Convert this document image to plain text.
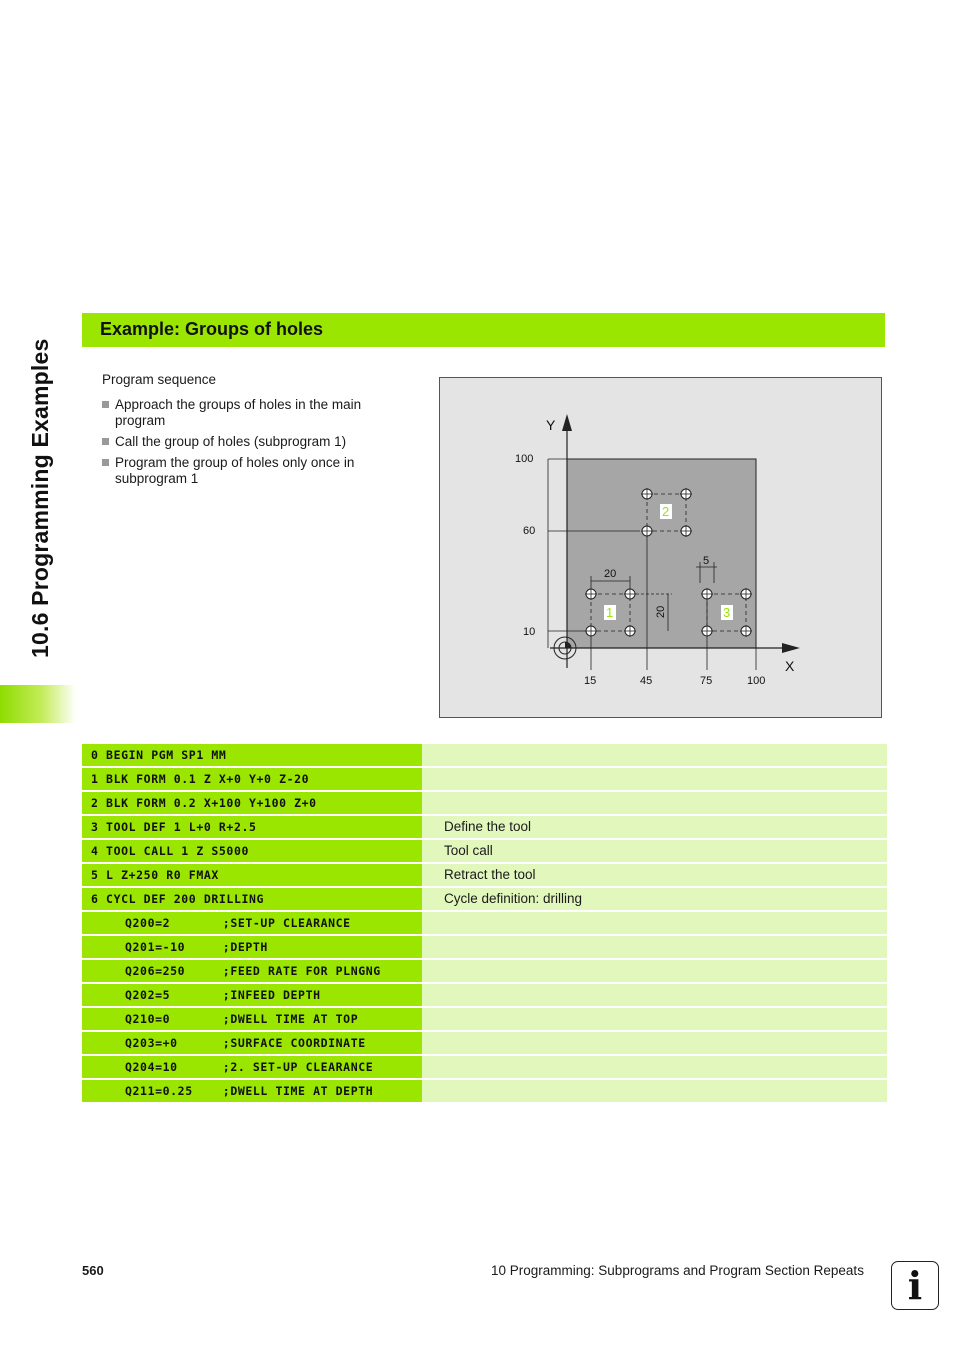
10.6 Programming Examples
Example: Groups of holes

Program sequence

Approach the groups of holes in the main program
Call the group of holes (subprogram 1)
Program the group of holes only once in subprogram 1
X
Y
100
60
10
15	45	75	100
20
20
5
1
2
3
0 BEGIN PGM SP1 MM
1 BLK FORM 0.1 Z X+0 Y+0 Z-20
2 BLK FORM 0.2 X+100 Y+100 Z+0
3 TOOL DEF 1 L+0 R+2.5	Define the tool
4 TOOL CALL 1 Z S5000	Tool call
5 L Z+250 R0 FMAX	Retract the tool
6 CYCL DEF 200 DRILLING	Cycle definition: drilling
Q200=2       ;SET-UP CLEARANCE
Q201=-10     ;DEPTH
Q206=250     ;FEED RATE FOR PLNGNG
Q202=5       ;INFEED DEPTH
Q210=0       ;DWELL TIME AT TOP
Q203=+0      ;SURFACE COORDINATE
Q204=10      ;2. SET-UP CLEARANCE
Q211=0.25    ;DWELL TIME AT DEPTH
560	10 Programming: Subprograms and Program Section Repeats	i
